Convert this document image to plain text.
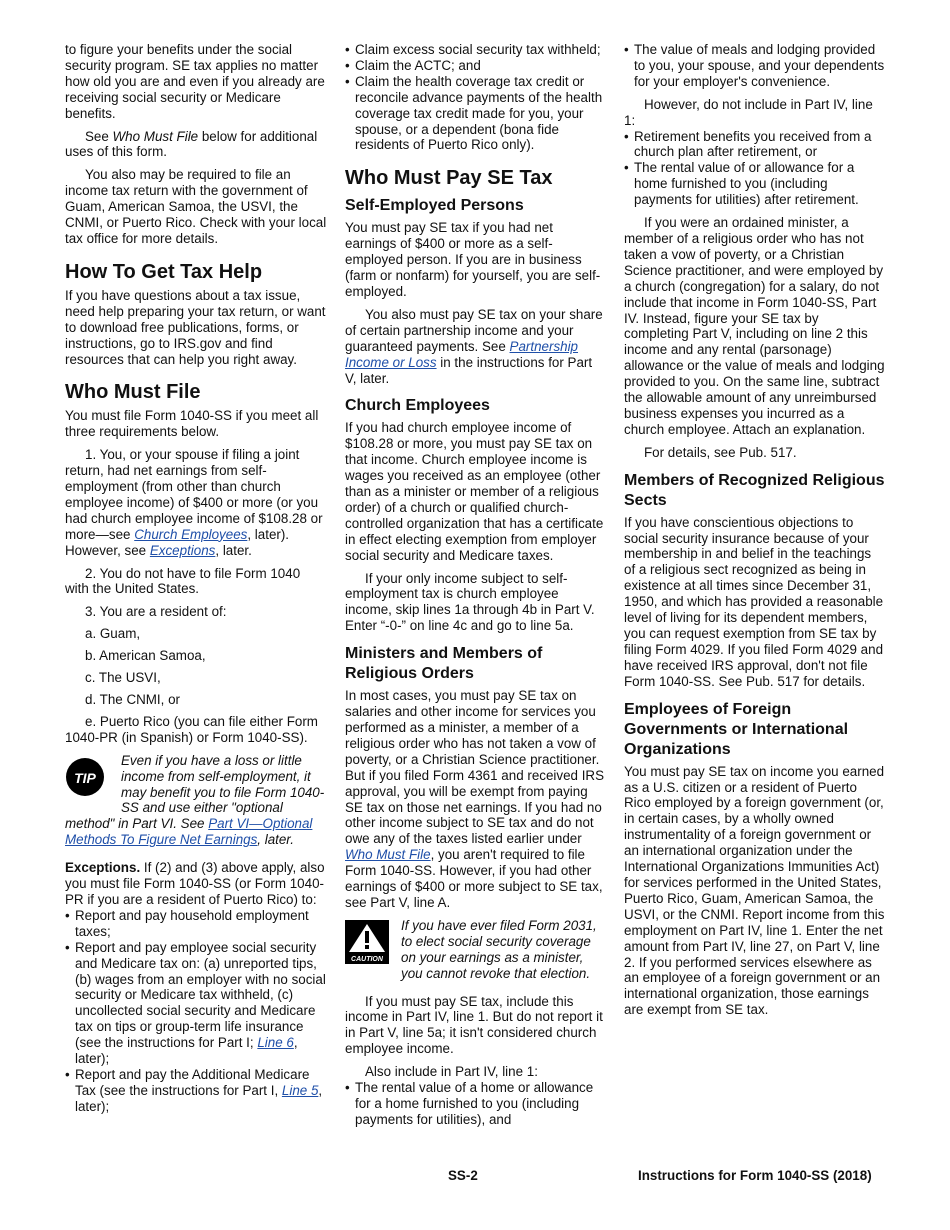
to figure your benefits under the social security program. SE tax applies no matter how old you are and even if you already are receiving social security or Medicare benefits.

See Who Must File below for additional uses of this form.

You also may be required to file an income tax return with the government of Guam, American Samoa, the USVI, the CNMI, or Puerto Rico. Check with your local tax office for more details.

How To Get Tax Help

If you have questions about a tax issue, need help preparing your tax return, or want to download free publications, forms, or instructions, go to IRS.gov and find resources that can help you right away.

Who Must File

You must file Form 1040-SS if you meet all three requirements below.

1. You, or your spouse if filing a joint return, had net earnings from self-employment (from other than church employee income) of $400 or more (or you had church employee income of $108.28 or more—see Church Employees, later). However, see Exceptions, later.

2. You do not have to file Form 1040 with the United States.

3. You are a resident of:

a. Guam,

b. American Samoa,

c. The USVI,

d. The CNMI, or

e. Puerto Rico (you can file either Form 1040-PR (in Spanish) or Form 1040-SS).

TIP
Even if you have a loss or little income from self-employment, it may benefit you to file Form 1040-SS and use either "optional method" in Part VI. See Part VI—Optional Methods To Figure Net Earnings, later.

Exceptions. If (2) and (3) above apply, also you must file Form 1040-SS (or Form 1040-PR if you are a resident of Puerto Rico) to:

• Report and pay household employment taxes;

• Report and pay employee social security and Medicare tax on: (a) unreported tips, (b) wages from an employer with no social security or Medicare tax withheld, (c) uncollected social security and Medicare tax on tips or group-term life insurance (see the instructions for Part I; Line 6, later);

• Report and pay the Additional Medicare Tax (see the instructions for Part I, Line 5, later);

• Claim excess social security tax withheld;

• Claim the ACTC; and

• Claim the health coverage tax credit or reconcile advance payments of the health coverage tax credit made for you, your spouse, or a dependent (bona fide residents of Puerto Rico only).

Who Must Pay SE Tax
Self-Employed Persons

You must pay SE tax if you had net earnings of $400 or more as a self-employed person. If you are in business (farm or nonfarm) for yourself, you are self-employed.

You also must pay SE tax on your share of certain partnership income and your guaranteed payments. See Partnership Income or Loss in the instructions for Part V, later.

Church Employees

If you had church employee income of $108.28 or more, you must pay SE tax on that income. Church employee income is wages you received as an employee (other than as a minister or member of a religious order) of a church or qualified church-controlled organization that has a certificate in effect electing exemption from employer social security and Medicare taxes.

If your only income subject to self-employment tax is church employee income, skip lines 1a through 4b in Part V. Enter “-0-” on line 4c and go to line 5a.

Ministers and Members of Religious Orders

In most cases, you must pay SE tax on salaries and other income for services you performed as a minister, a member of a religious order who has not taken a vow of poverty, or a Christian Science practitioner. But if you filed Form 4361 and received IRS approval, you will be exempt from paying SE tax on those net earnings. If you had no other income subject to SE tax and do not owe any of the taxes listed earlier under Who Must File, you aren't required to file Form 1040-SS. However, if you had other earnings of $400 or more subject to SE tax, see Part V, line A.

CAUTION
If you have ever filed Form 2031, to elect social security coverage on your earnings as a minister, you cannot revoke that election.

If you must pay SE tax, include this income in Part IV, line 1. But do not report it in Part V, line 5a; it isn't considered church employee income.

Also include in Part IV, line 1:

• The rental value of a home or allowance for a home furnished to you (including payments for utilities), and

• The value of meals and lodging provided to you, your spouse, and your dependents for your employer's convenience.

However, do not include in Part IV, line 1:

• Retirement benefits you received from a church plan after retirement, or

• The rental value of or allowance for a home furnished to you (including payments for utilities) after retirement.

If you were an ordained minister, a member of a religious order who has not taken a vow of poverty, or a Christian Science practitioner, and were employed by a church (congregation) for a salary, do not include that income in Form 1040-SS, Part IV. Instead, figure your SE tax by completing Part V, including on line 2 this income and any rental (parsonage) allowance or the value of meals and lodging provided to you. On the same line, subtract the allowable amount of any unreimbursed business expenses you incurred as a church employee. Attach an explanation.

For details, see Pub. 517.

Members of Recognized Religious Sects

If you have conscientious objections to social security insurance because of your membership in and belief in the teachings of a religious sect recognized as being in existence at all times since December 31, 1950, and which has provided a reasonable level of living for its dependent members, you can request exemption from SE tax by filing Form 4029. If you filed Form 4029 and have received IRS approval, don't not file Form 1040-SS. See Pub. 517 for details.

Employees of Foreign Governments or International Organizations

You must pay SE tax on income you earned as a U.S. citizen or a resident of Puerto Rico employed by a foreign government (or, in certain cases, by a wholly owned instrumentality of a foreign government or an international organization under the International Organizations Immunities Act) for services performed in the United States, Puerto Rico, Guam, American Samoa, the USVI, or the CNMI. Report income from this employment on Part IV, line 1. Enter the net amount from Part IV, line 27, on Part V, line 2. If you performed services elsewhere as an employee of a foreign government or an international organization, those earnings are exempt from SE tax.

SS-2	Instructions for Form 1040-SS (2018)
